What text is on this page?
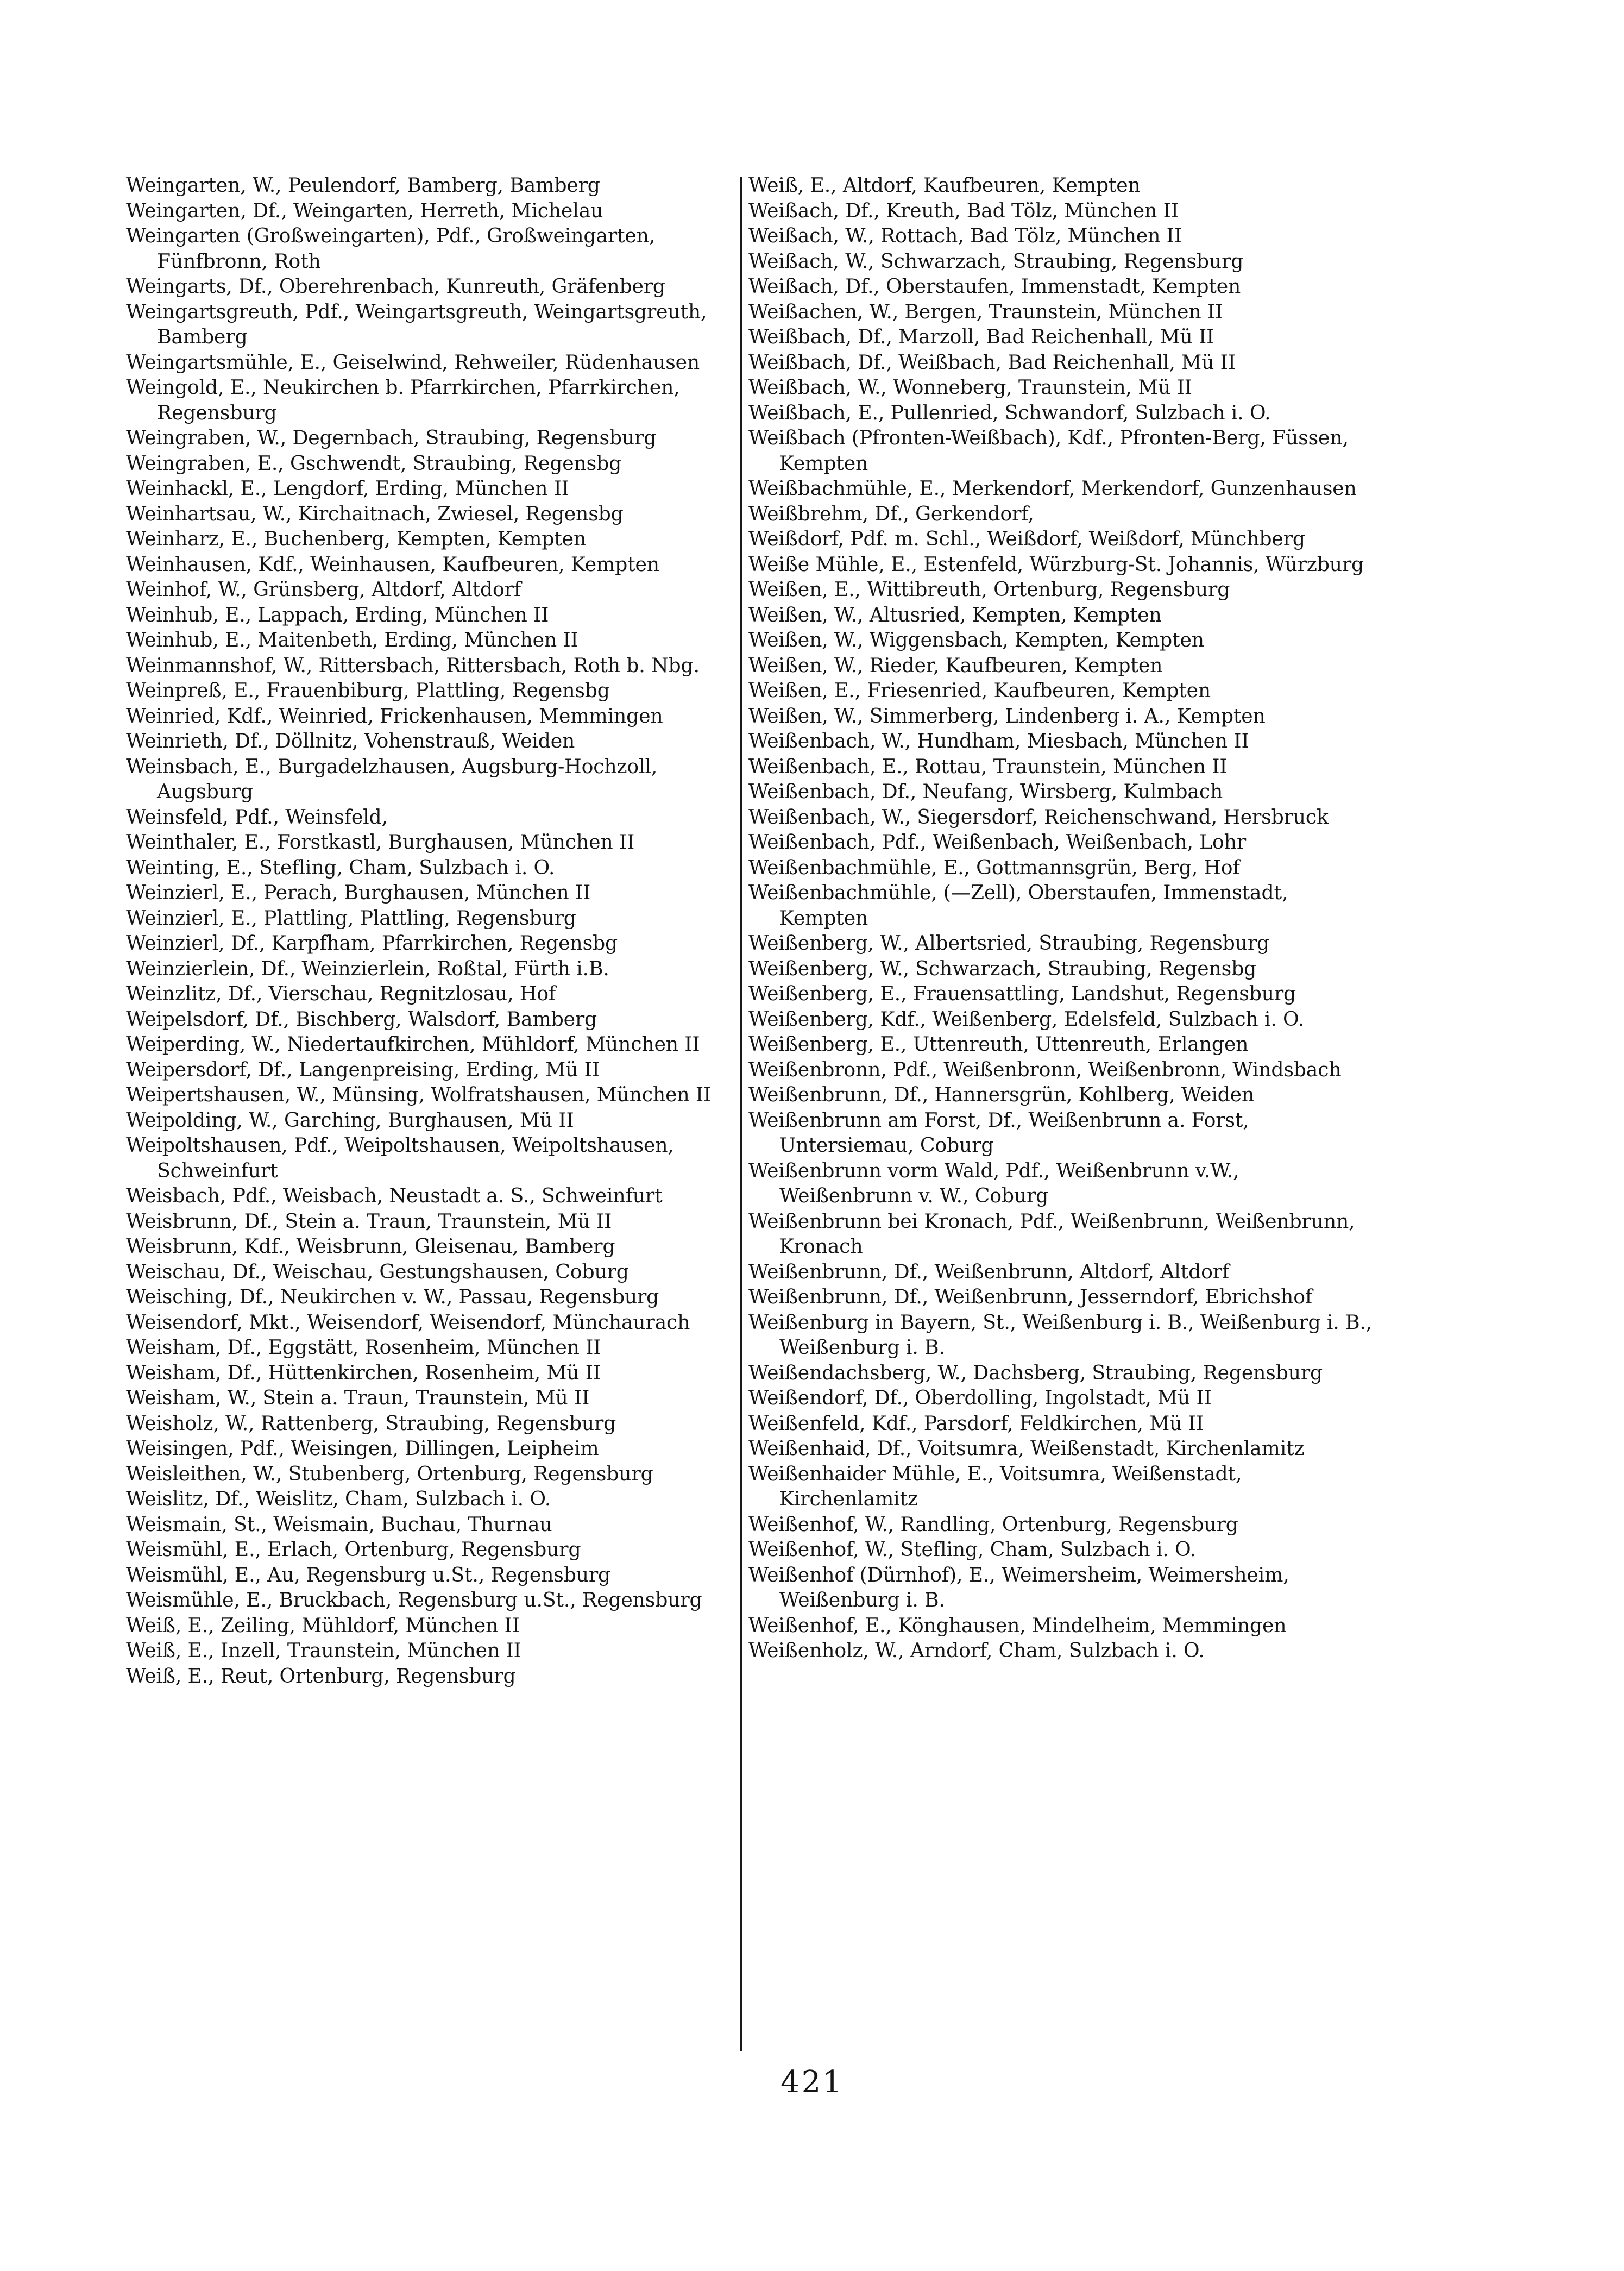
Weingarten, W., Peulendorf, Bamberg, Bamberg
Weingarten, Df., Weingarten, Herreth, Michelau
Weingarten (Großweingarten), Pdf., Großweingarten, Fünfbronn, Roth
Weingarts, Df., Oberehrenbach, Kunreuth, Gräfenberg
Weingartsgreuth, Pdf., Weingartsgreuth, Weingartsgreuth, Bamberg
Weingartsmühle, E., Geiselwind, Rehweiler, Rüdenhausen
Weingold, E., Neukirchen b. Pfarrkirchen, Pfarrkirchen, Regensburg
Weingraben, W., Degernbach, Straubing, Regensburg
Weingraben, E., Gschwendt, Straubing, Regensbg
Weinhackl, E., Lengdorf, Erding, München II
Weinhartsau, W., Kirchaitnach, Zwiesel, Regensbg
Weinharz, E., Buchenberg, Kempten, Kempten
Weinhausen, Kdf., Weinhausen, Kaufbeuren, Kempten
Weinhof, W., Grünsberg, Altdorf, Altdorf
Weinhub, E., Lappach, Erding, München II
Weinhub, E., Maitenbeth, Erding, München II
Weinmannshof, W., Rittersbach, Rittersbach, Roth b. Nbg.
Weinpreß, E., Frauenbiburg, Plattling, Regensbg
Weinried, Kdf., Weinried, Frickenhausen, Memmingen
Weinrieth, Df., Döllnitz, Vohenstrauß, Weiden
Weinsbach, E., Burgadelzhausen, Augsburg-Hochzoll, Augsburg
Weinsfeld, Pdf., Weinsfeld,
Weinthaler, E., Forstkastl, Burghausen, München II
Weinting, E., Stefling, Cham, Sulzbach i. O.
Weinzierl, E., Perach, Burghausen, München II
Weinzierl, E., Plattling, Plattling, Regensburg
Weinzierl, Df., Karpfham, Pfarrkirchen, Regensbg
Weinzierlein, Df., Weinzierlein, Roßtal, Fürth i.B.
Weinzlitz, Df., Vierschau, Regnitzlosau, Hof
Weipelsdorf, Df., Bischberg, Walsdorf, Bamberg
Weiperding, W., Niedertaufkirchen, Mühldorf, München II
Weipersdorf, Df., Langenpreising, Erding, Mü II
Weipertshausen, W., Münsing, Wolfratshausen, München II
Weipolding, W., Garching, Burghausen, Mü II
Weipoltshausen, Pdf., Weipoltshausen, Weipoltshausen, Schweinfurt
Weisbach, Pdf., Weisbach, Neustadt a. S., Schweinfurt
Weisbrunn, Df., Stein a. Traun, Traunstein, Mü II
Weisbrunn, Kdf., Weisbrunn, Gleisenau, Bamberg
Weischau, Df., Weischau, Gestungshausen, Coburg
Weisching, Df., Neukirchen v. W., Passau, Regensburg
Weisendorf, Mkt., Weisendorf, Weisendorf, Münchaurach
Weisham, Df., Eggstätt, Rosenheim, München II
Weisham, Df., Hüttenkirchen, Rosenheim, Mü II
Weisham, W., Stein a. Traun, Traunstein, Mü II
Weisholz, W., Rattenberg, Straubing, Regensburg
Weisingen, Pdf., Weisingen, Dillingen, Leipheim
Weisleithen, W., Stubenberg, Ortenburg, Regensburg
Weislitz, Df., Weislitz, Cham, Sulzbach i. O.
Weismain, St., Weismain, Buchau, Thurnau
Weismühl, E., Erlach, Ortenburg, Regensburg
Weismühl, E., Au, Regensburg u.St., Regensburg
Weismühle, E., Bruckbach, Regensburg u.St., Regensburg
Weiß, E., Zeiling, Mühldorf, München II
Weiß, E., Inzell, Traunstein, München II
Weiß, E., Reut, Ortenburg, Regensburg
Weiß, E., Altdorf, Kaufbeuren, Kempten
Weißach, Df., Kreuth, Bad Tölz, München II
Weißach, W., Rottach, Bad Tölz, München II
Weißach, W., Schwarzach, Straubing, Regensburg
Weißach, Df., Oberstaufen, Immenstadt, Kempten
Weißachen, W., Bergen, Traunstein, München II
Weißbach, Df., Marzoll, Bad Reichenhall, Mü II
Weißbach, Df., Weißbach, Bad Reichenhall, Mü II
Weißbach, W., Wonneberg, Traunstein, Mü II
Weißbach, E., Pullenried, Schwandorf, Sulzbach i. O.
Weißbach (Pfronten-Weißbach), Kdf., Pfronten-Berg, Füssen, Kempten
Weißbachmühle, E., Merkendorf, Merkendorf, Gunzenhausen
Weißbrehm, Df., Gerkendorf,
Weißdorf, Pdf. m. Schl., Weißdorf, Weißdorf, Münchberg
Weiße Mühle, E., Estenfeld, Würzburg-St. Johannis, Würzburg
Weißen, E., Wittibreuth, Ortenburg, Regensburg
Weißen, W., Altusried, Kempten, Kempten
Weißen, W., Wiggensbach, Kempten, Kempten
Weißen, W., Rieder, Kaufbeuren, Kempten
Weißen, E., Friesenried, Kaufbeuren, Kempten
Weißen, W., Simmerberg, Lindenberg i. A., Kempten
Weißenbach, W., Hundham, Miesbach, München II
Weißenbach, E., Rottau, Traunstein, München II
Weißenbach, Df., Neufang, Wirsberg, Kulmbach
Weißenbach, W., Siegersdorf, Reichenschwand, Hersbruck
Weißenbach, Pdf., Weißenbach, Weißenbach, Lohr
Weißenbachmühle, E., Gottmannsgrün, Berg, Hof
Weißenbachmühle, (—Zell), Oberstaufen, Immenstadt, Kempten
Weißenberg, W., Albertsried, Straubing, Regensburg
Weißenberg, W., Schwarzach, Straubing, Regensbg
Weißenberg, E., Frauensattling, Landshut, Regensburg
Weißenberg, Kdf., Weißenberg, Edelsfeld, Sulzbach i. O.
Weißenberg, E., Uttenreuth, Uttenreuth, Erlangen
Weißenbronn, Pdf., Weißenbronn, Weißenbronn, Windsbach
Weißenbrunn, Df., Hannersgrün, Kohlberg, Weiden
Weißenbrunn am Forst, Df., Weißenbrunn a. Forst, Untersiemau, Coburg
Weißenbrunn vorm Wald, Pdf., Weißenbrunn v.W., Weißenbrunn v. W., Coburg
Weißenbrunn bei Kronach, Pdf., Weißenbrunn, Weißenbrunn, Kronach
Weißenbrunn, Df., Weißenbrunn, Altdorf, Altdorf
Weißenbrunn, Df., Weißenbrunn, Jesserndorf, Ebrichshof
Weißenburg in Bayern, St., Weißenburg i. B., Weißenburg i. B., Weißenburg i. B.
Weißendachsberg, W., Dachsberg, Straubing, Regensburg
Weißendorf, Df., Oberdolling, Ingolstadt, Mü II
Weißenfeld, Kdf., Parsdorf, Feldkirchen, Mü II
Weißenhaid, Df., Voitsumra, Weißenstadt, Kirchenlamitz
Weißenhaider Mühle, E., Voitsumra, Weißenstadt, Kirchenlamitz
Weißenhof, W., Randling, Ortenburg, Regensburg
Weißenhof, W., Stefling, Cham, Sulzbach i. O.
Weißenhof (Dürnhof), E., Weimersheim, Weimersheim, Weißenburg i. B.
Weißenhof, E., Könghausen, Mindelheim, Memmingen
Weißenholz, W., Arndorf, Cham, Sulzbach i. O.
421
